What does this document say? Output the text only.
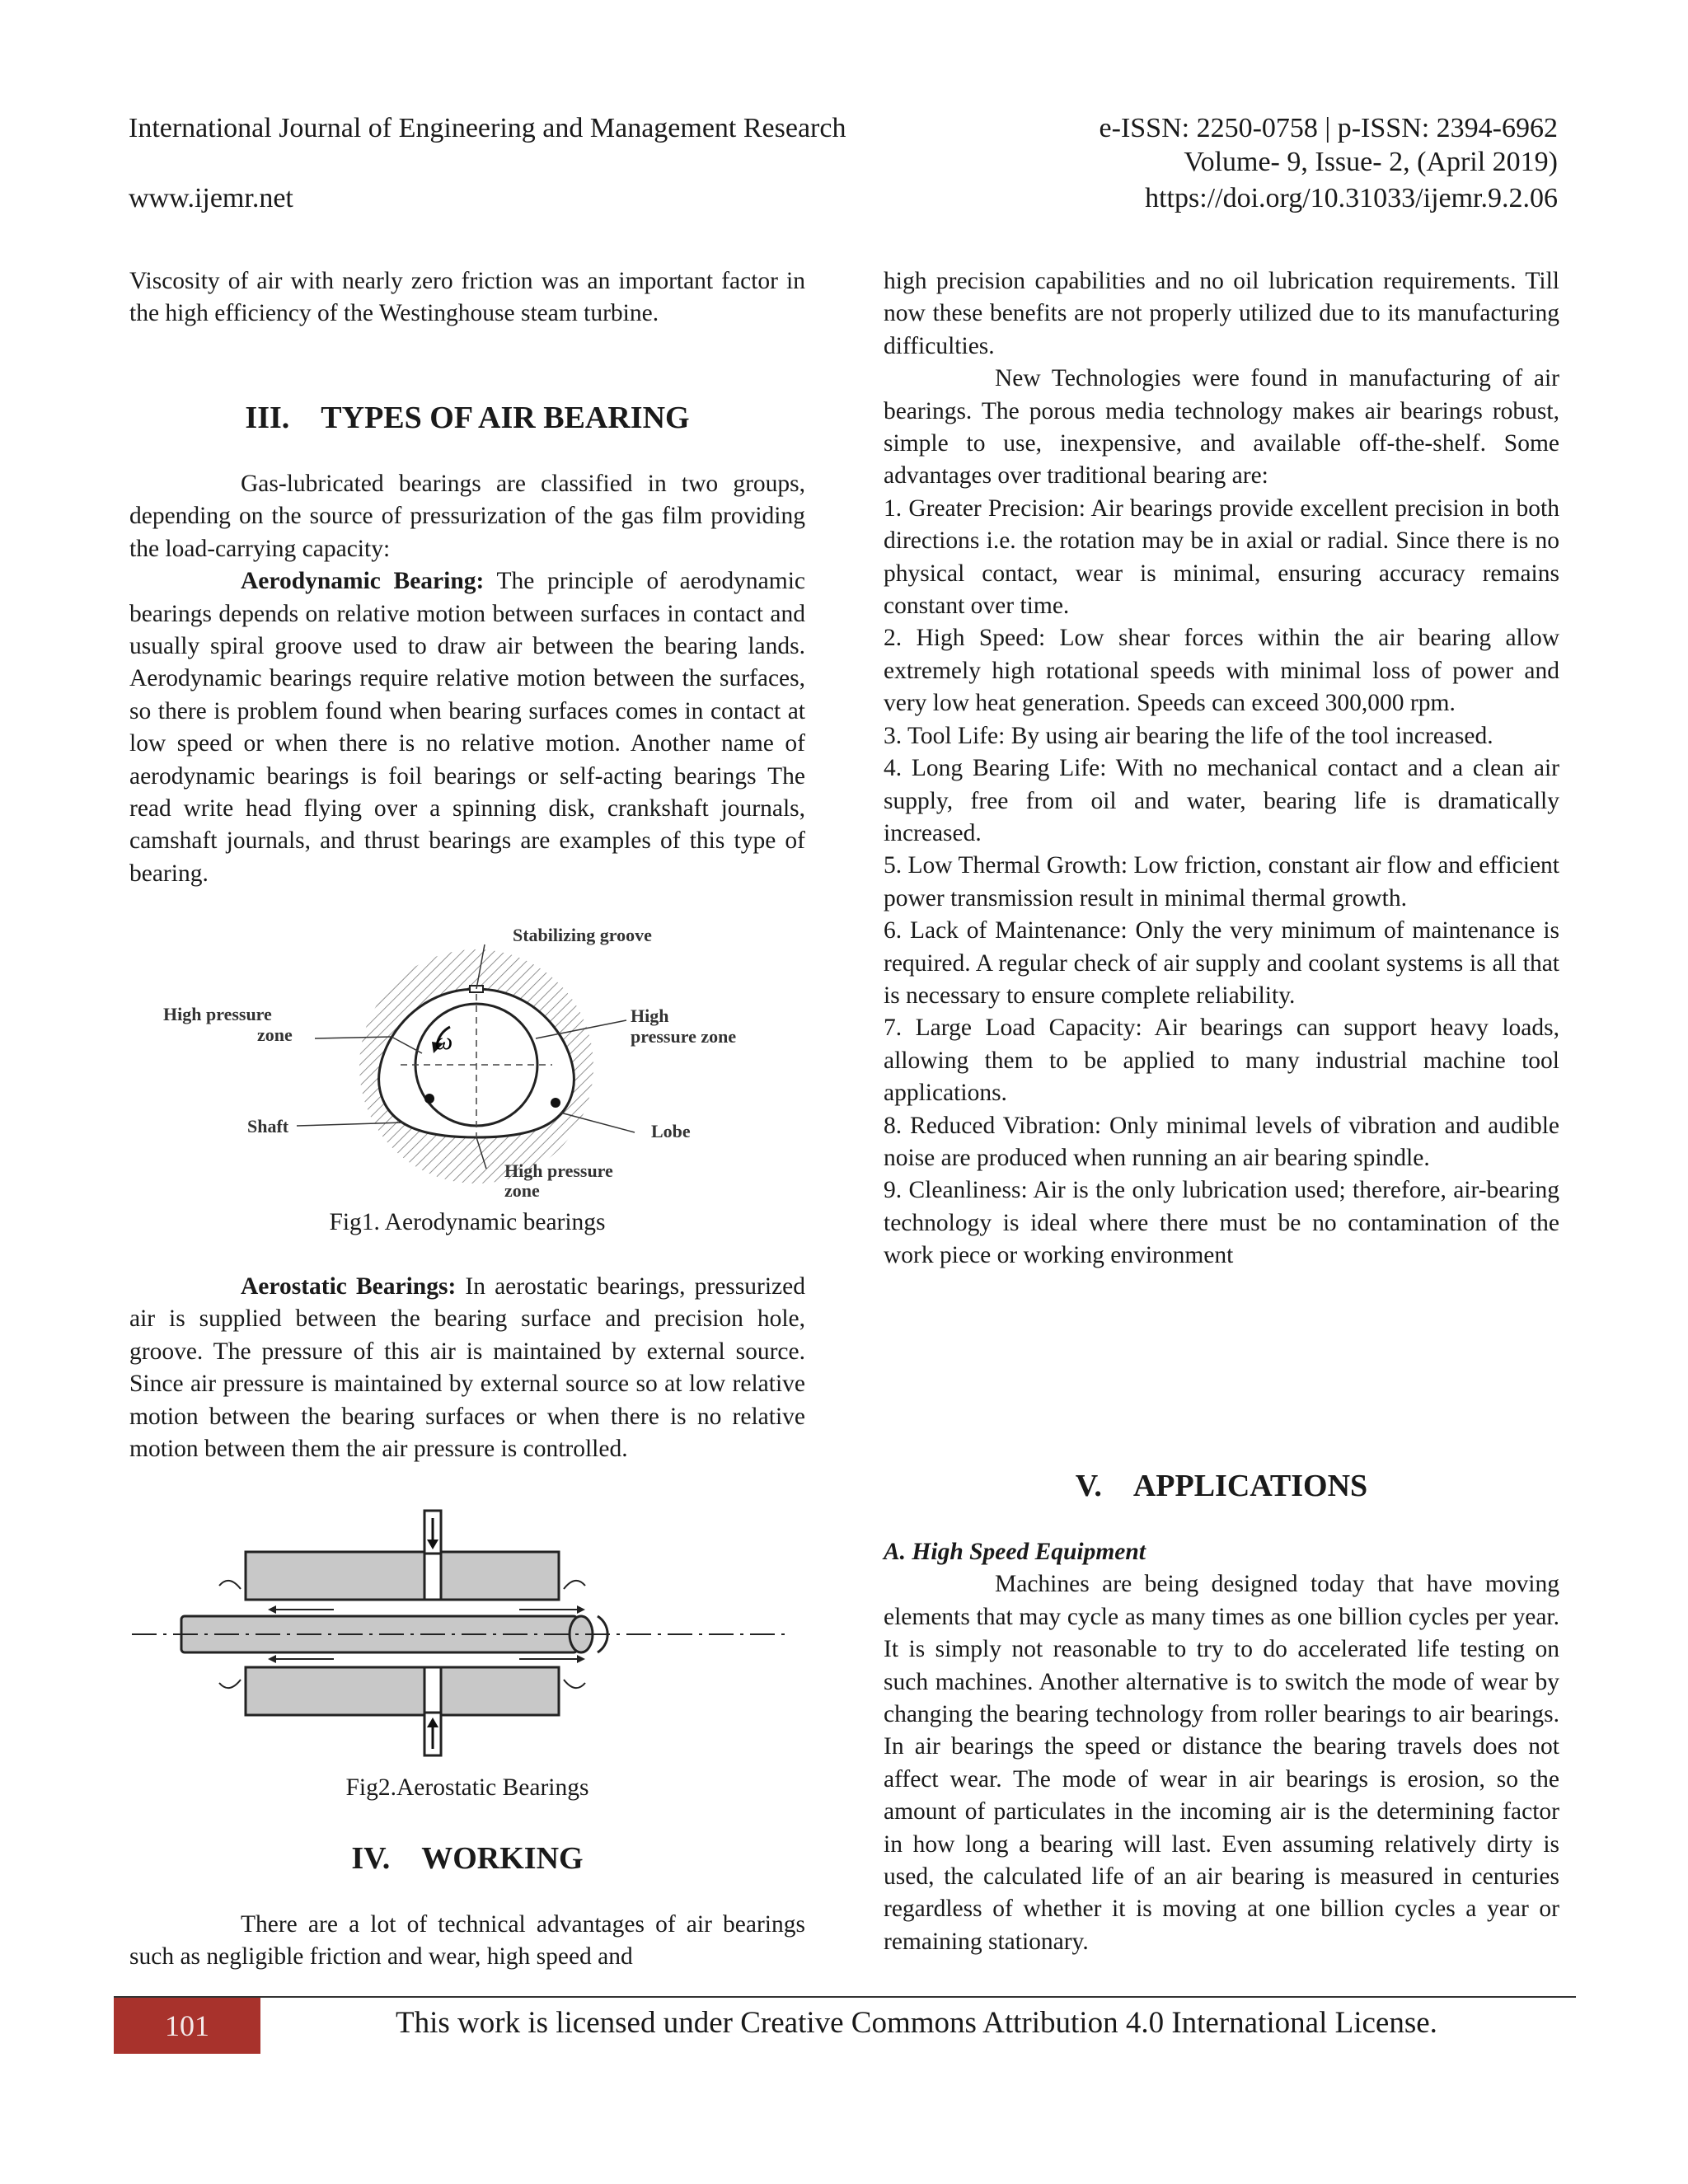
International Journal of Engineering and Management Research	e-ISSN: 2250-0758 | p-ISSN: 2394-6962
Volume- 9, Issue- 2, (April 2019)
www.ijemr.net	https://doi.org/10.31033/ijemr.9.2.06

Viscosity of air with nearly zero friction was an important factor in the high efficiency of the Westinghouse steam turbine.

III. TYPES OF AIR BEARING

Gas-lubricated bearings are classified in two groups, depending on the source of pressurization of the gas film providing the load-carrying capacity:

Aerodynamic Bearing: The principle of aerodynamic bearings depends on relative motion between surfaces in contact and usually spiral groove used to draw air between the bearing lands. Aerodynamic bearings require relative motion between the surfaces, so there is problem found when bearing surfaces comes in contact at low speed or when there is no relative motion. Another name of aerodynamic bearings is foil bearings or self-acting bearings The read write head flying over a spinning disk, crankshaft journals, camshaft journals, and thrust bearings are examples of this type of bearing.

ω
Stabilizing groove
High pressure
zone
High
pressure zone
Shaft	Lobe
High pressure
zone

Fig1. Aerodynamic bearings

Aerostatic Bearings: In aerostatic bearings, pressurized air is supplied between the bearing surface and precision hole, groove. The pressure of this air is maintained by external source. Since air pressure is maintained by external source so at low relative motion between the bearing surfaces or when there is no relative motion between them the air pressure is controlled.

Fig2.Aerostatic Bearings

IV. WORKING

There are a lot of technical advantages of air bearings such as negligible friction and wear, high speed and

high precision capabilities and no oil lubrication requirements. Till now these benefits are not properly utilized due to its manufacturing difficulties.

New Technologies were found in manufacturing of air bearings. The porous media technology makes air bearings robust, simple to use, inexpensive, and available off-the-shelf. Some advantages over traditional bearing are:

1. Greater Precision: Air bearings provide excellent precision in both directions i.e. the rotation may be in axial or radial. Since there is no physical contact, wear is minimal, ensuring accuracy remains constant over time.

2. High Speed: Low shear forces within the air bearing allow extremely high rotational speeds with minimal loss of power and very low heat generation. Speeds can exceed 300,000 rpm.

3. Tool Life: By using air bearing the life of the tool increased.

4. Long Bearing Life: With no mechanical contact and a clean air supply, free from oil and water, bearing life is dramatically increased.

5. Low Thermal Growth: Low friction, constant air flow and efficient power transmission result in minimal thermal growth.

6. Lack of Maintenance: Only the very minimum of maintenance is required. A regular check of air supply and coolant systems is all that is necessary to ensure complete reliability.

7. Large Load Capacity: Air bearings can support heavy loads, allowing them to be applied to many industrial machine tool applications.

8. Reduced Vibration: Only minimal levels of vibration and audible noise are produced when running an air bearing spindle.

9. Cleanliness: Air is the only lubrication used; therefore, air-bearing technology is ideal where there must be no contamination of the work piece or working environment

V. APPLICATIONS

A. High Speed Equipment

Machines are being designed today that have moving elements that may cycle as many times as one billion cycles per year. It is simply not reasonable to try to do accelerated life testing on such machines. Another alternative is to switch the mode of wear by changing the bearing technology from roller bearings to air bearings. In air bearings the speed or distance the bearing travels does not affect wear. The mode of wear in air bearings is erosion, so the amount of particulates in the incoming air is the determining factor in how long a bearing will last. Even assuming relatively dirty is used, the calculated life of an air bearing is measured in centuries regardless of whether it is moving at one billion cycles a year or remaining stationary.

101	This work is licensed under Creative Commons Attribution 4.0 International License.
